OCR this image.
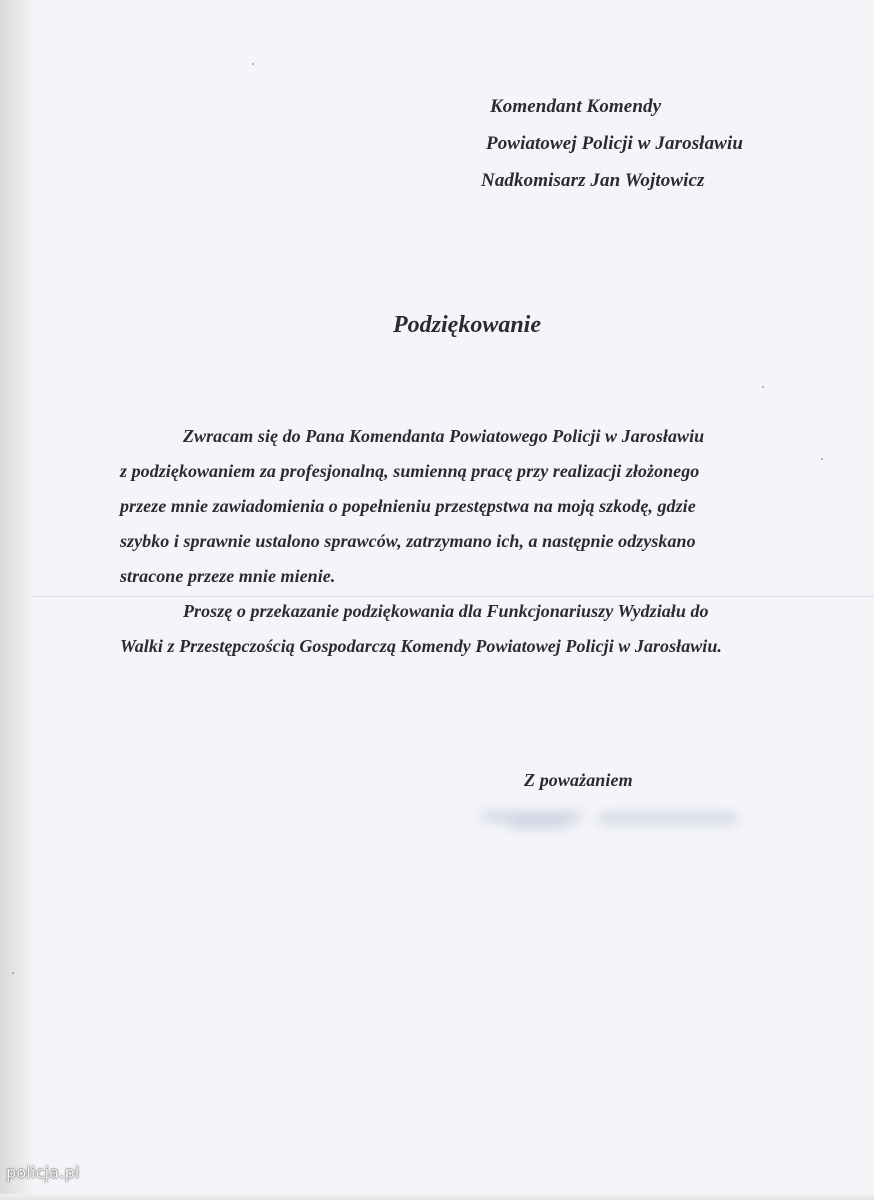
Komendant Komendy
Powiatowej Policji w Jarosławiu
Nadkomisarz Jan Wojtowicz
Podziękowanie
Zwracam się do Pana Komendanta Powiatowego Policji w Jarosławiu
z podziękowaniem za profesjonalną, sumienną pracę przy realizacji złożonego
przeze mnie zawiadomienia o popełnieniu przestępstwa na moją szkodę, gdzie
szybko i sprawnie ustalono sprawców, zatrzymano ich, a następnie odzyskano
stracone przeze mnie mienie.
Proszę o przekazanie podziękowania dla Funkcjonariuszy Wydziału do
Walki z Przestępczością Gospodarczą Komendy Powiatowej Policji w Jarosławiu.
Z poważaniem
policja.pl
